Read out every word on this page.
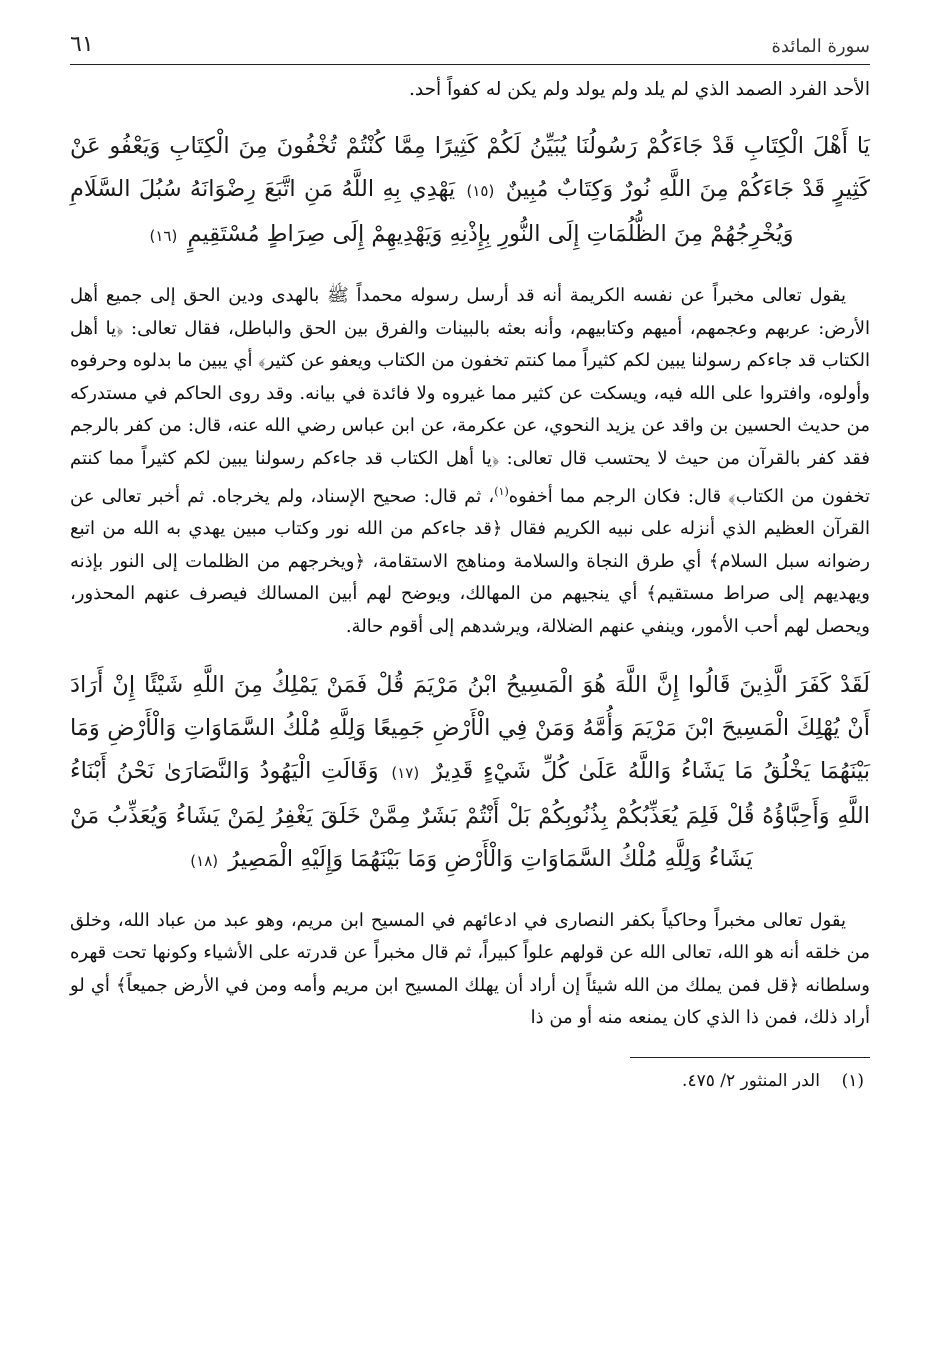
سورة المائدة
٦١

الأحد الفرد الصمد الذي لم يلد ولم يولد ولم يكن له كفواً أحد.

يَا أَهْلَ الْكِتَابِ قَدْ جَاءَكُمْ رَسُولُنَا يُبَيِّنُ لَكُمْ كَثِيرًا مِمَّا كُنْتُمْ تُخْفُونَ مِنَ الْكِتَابِ وَيَعْفُو عَنْ كَثِيرٍ قَدْ جَاءَكُمْ مِنَ اللَّهِ نُورٌ وَكِتَابٌ مُبِينٌ (١٥) يَهْدِي بِهِ اللَّهُ مَنِ اتَّبَعَ رِضْوَانَهُ سُبُلَ السَّلَامِ وَيُخْرِجُهُمْ مِنَ الظُّلُمَاتِ إِلَى النُّورِ بِإِذْنِهِ وَيَهْدِيهِمْ إِلَى صِرَاطٍ مُسْتَقِيمٍ (١٦)

يقول تعالى مخبراً عن نفسه الكريمة أنه قد أرسل رسوله محمداً ﷺ بالهدى ودين الحق إلى جميع أهل الأرض: عربهم وعجمهم، أميهم وكتابيهم، وأنه بعثه بالبينات والفرق بين الحق والباطل، فقال تعالى: ﴿يا أهل الكتاب قد جاءكم رسولنا يبين لكم كثيراً مما كنتم تخفون من الكتاب ويعفو عن كثير﴾ أي يبين ما بدلوه وحرفوه وأولوه، وافتروا على الله فيه، ويسكت عن كثير مما غيروه ولا فائدة في بيانه. وقد روى الحاكم في مستدركه من حديث الحسين بن واقد عن يزيد النحوي، عن عكرمة، عن ابن عباس رضي الله عنه، قال: من كفر بالرجم فقد كفر بالقرآن من حيث لا يحتسب قال تعالى: ﴿يا أهل الكتاب قد جاءكم رسولنا يبين لكم كثيراً مما كنتم تخفون من الكتاب﴾ قال: فكان الرجم مما أخفوه$^{(١)}$، ثم قال: صحيح الإسناد، ولم يخرجاه. ثم أخبر تعالى عن القرآن العظيم الذي أنزله على نبيه الكريم فقال ﴿قد جاءكم من الله نور وكتاب مبين يهدي به الله من اتبع رضوانه سبل السلام﴾ أي طرق النجاة والسلامة ومناهج الاستقامة، ﴿ويخرجهم من الظلمات إلى النور بإذنه ويهديهم إلى صراط مستقيم﴾ أي ينجيهم من المهالك، ويوضح لهم أبين المسالك فيصرف عنهم المحذور، ويحصل لهم أحب الأمور، وينفي عنهم الضلالة، ويرشدهم إلى أقوم حالة.

لَقَدْ كَفَرَ الَّذِينَ قَالُوا إِنَّ اللَّهَ هُوَ الْمَسِيحُ ابْنُ مَرْيَمَ قُلْ فَمَنْ يَمْلِكُ مِنَ اللَّهِ شَيْئًا إِنْ أَرَادَ أَنْ يُهْلِكَ الْمَسِيحَ ابْنَ مَرْيَمَ وَأُمَّهُ وَمَنْ فِي الْأَرْضِ جَمِيعًا وَلِلَّهِ مُلْكُ السَّمَاوَاتِ وَالْأَرْضِ وَمَا بَيْنَهُمَا يَخْلُقُ مَا يَشَاءُ وَاللَّهُ عَلَىٰ كُلِّ شَيْءٍ قَدِيرٌ (١٧) وَقَالَتِ الْيَهُودُ وَالنَّصَارَىٰ نَحْنُ أَبْنَاءُ اللَّهِ وَأَحِبَّاؤُهُ قُلْ فَلِمَ يُعَذِّبُكُمْ بِذُنُوبِكُمْ بَلْ أَنْتُمْ بَشَرٌ مِمَّنْ خَلَقَ يَغْفِرُ لِمَنْ يَشَاءُ وَيُعَذِّبُ مَنْ يَشَاءُ وَلِلَّهِ مُلْكُ السَّمَاوَاتِ وَالْأَرْضِ وَمَا بَيْنَهُمَا وَإِلَيْهِ الْمَصِيرُ (١٨)

يقول تعالى مخبراً وحاكياً بكفر النصارى في ادعائهم في المسيح ابن مريم، وهو عبد من عباد الله، وخلق من خلقه أنه هو الله، تعالى الله عن قولهم علواً كبيراً، ثم قال مخبراً عن قدرته على الأشياء وكونها تحت قهره وسلطانه ﴿قل فمن يملك من الله شيئاً إن أراد أن يهلك المسيح ابن مريم وأمه ومن في الأرض جميعاً﴾ أي لو أراد ذلك، فمن ذا الذي كان يمنعه منه أو من ذا

(١)    الدر المنثور ٢/ ٤٧٥.
